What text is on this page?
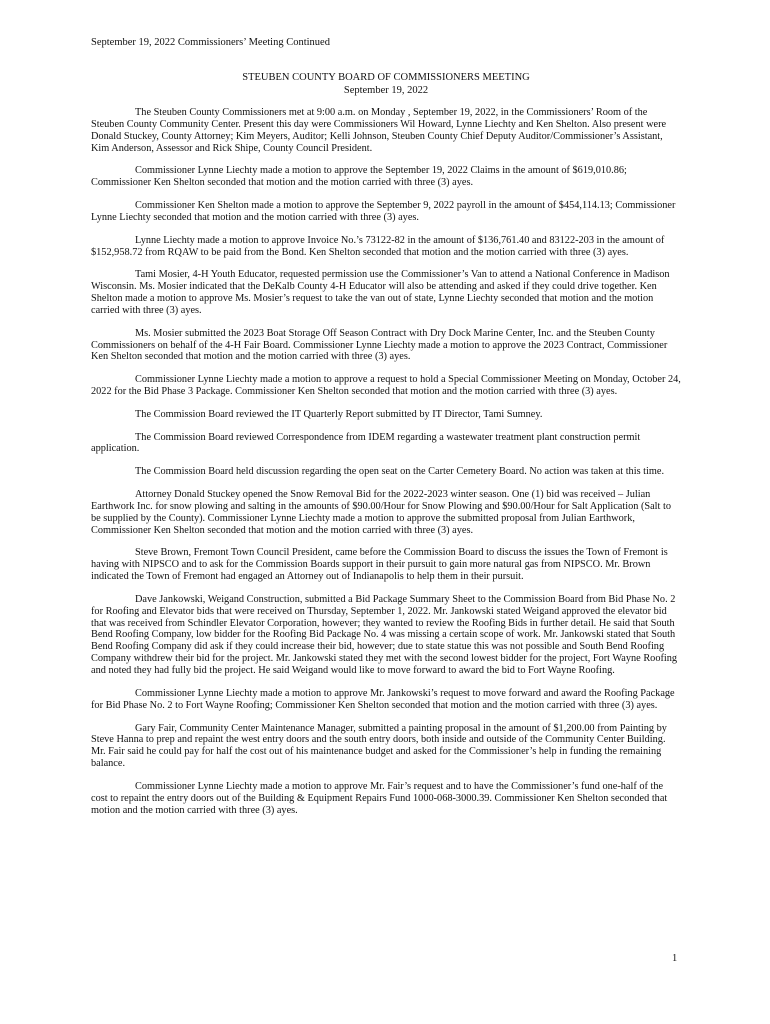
September 19, 2022 Commissioners’ Meeting Continued
STEUBEN COUNTY BOARD OF COMMISSIONERS MEETING
September 19, 2022

The Steuben County Commissioners met at 9:00 a.m. on Monday , September 19, 2022, in the Commissioners’ Room of the Steuben County Community Center. Present this day were Commissioners Wil Howard, Lynne Liechty and Ken Shelton. Also present were Donald Stuckey, County Attorney; Kim Meyers, Auditor; Kelli Johnson, Steuben County Chief Deputy Auditor/Commissioner’s Assistant, Kim Anderson, Assessor and Rick Shipe, County Council President.

Commissioner Lynne Liechty made a motion to approve the September 19, 2022 Claims in the amount of $619,010.86; Commissioner Ken Shelton seconded that motion and the motion carried with three (3) ayes.

Commissioner Ken Shelton made a motion to approve the September 9, 2022 payroll in the amount of $454,114.13; Commissioner Lynne Liechty seconded that motion and the motion carried with three (3) ayes.

Lynne Liechty made a motion to approve Invoice No.’s 73122-82 in the amount of $136,761.40 and 83122-203 in the amount of $152,958.72 from RQAW to be paid from the Bond. Ken Shelton seconded that motion and the motion carried with three (3) ayes.

Tami Mosier, 4-H Youth Educator, requested permission use the Commissioner’s Van to attend a National Conference in Madison Wisconsin. Ms. Mosier indicated that the DeKalb County 4-H Educator will also be attending and asked if they could drive together. Ken Shelton made a motion to approve Ms. Mosier’s request to take the van out of state, Lynne Liechty seconded that motion and the motion carried with three (3) ayes.

Ms. Mosier submitted the 2023 Boat Storage Off Season Contract with Dry Dock Marine Center, Inc. and the Steuben County Commissioners on behalf of the 4-H Fair Board. Commissioner Lynne Liechty made a motion to approve the 2023 Contract, Commissioner Ken Shelton seconded that motion and the motion carried with three (3) ayes.

Commissioner Lynne Liechty made a motion to approve a request to hold a Special Commissioner Meeting on Monday, October 24, 2022 for the Bid Phase 3 Package. Commissioner Ken Shelton seconded that motion and the motion carried with three (3) ayes.

The Commission Board reviewed the IT Quarterly Report submitted by IT Director, Tami Sumney.

The Commission Board reviewed Correspondence from IDEM regarding a wastewater treatment plant construction permit application.

The Commission Board held discussion regarding the open seat on the Carter Cemetery Board. No action was taken at this time.

Attorney Donald Stuckey opened the Snow Removal Bid for the 2022-2023 winter season. One (1) bid was received – Julian Earthwork Inc. for snow plowing and salting in the amounts of $90.00/Hour for Snow Plowing and $90.00/Hour for Salt Application (Salt to be supplied by the County). Commissioner Lynne Liechty made a motion to approve the submitted proposal from Julian Earthwork, Commissioner Ken Shelton seconded that motion and the motion carried with three (3) ayes.

Steve Brown, Fremont Town Council President, came before the Commission Board to discuss the issues the Town of Fremont is having with NIPSCO and to ask for the Commission Boards support in their pursuit to gain more natural gas from NIPSCO. Mr. Brown indicated the Town of Fremont had engaged an Attorney out of Indianapolis to help them in their pursuit.

Dave Jankowski, Weigand Construction, submitted a Bid Package Summary Sheet to the Commission Board from Bid Phase No. 2 for Roofing and Elevator bids that were received on Thursday, September 1, 2022. Mr. Jankowski stated Weigand approved the elevator bid that was received from Schindler Elevator Corporation, however; they wanted to review the Roofing Bids in further detail. He said that South Bend Roofing Company, low bidder for the Roofing Bid Package No. 4 was missing a certain scope of work. Mr. Jankowski stated that South Bend Roofing Company did ask if they could increase their bid, however; due to state statue this was not possible and South Bend Roofing Company withdrew their bid for the project. Mr. Jankowski stated they met with the second lowest bidder for the project, Fort Wayne Roofing and noted they had fully bid the project. He said Weigand would like to move forward to award the bid to Fort Wayne Roofing.

Commissioner Lynne Liechty made a motion to approve Mr. Jankowski’s request to move forward and award the Roofing Package for Bid Phase No. 2 to Fort Wayne Roofing; Commissioner Ken Shelton seconded that motion and the motion carried with three (3) ayes.

Gary Fair, Community Center Maintenance Manager, submitted a painting proposal in the amount of $1,200.00 from Painting by Steve Hanna to prep and repaint the west entry doors and the south entry doors, both inside and outside of the Community Center Building. Mr. Fair said he could pay for half the cost out of his maintenance budget and asked for the Commissioner’s help in funding the remaining balance.

Commissioner Lynne Liechty made a motion to approve Mr. Fair’s request and to have the Commissioner’s fund one-half of the cost to repaint the entry doors out of the Building & Equipment Repairs Fund 1000-068-3000.39. Commissioner Ken Shelton seconded that motion and the motion carried with three (3) ayes.

1
